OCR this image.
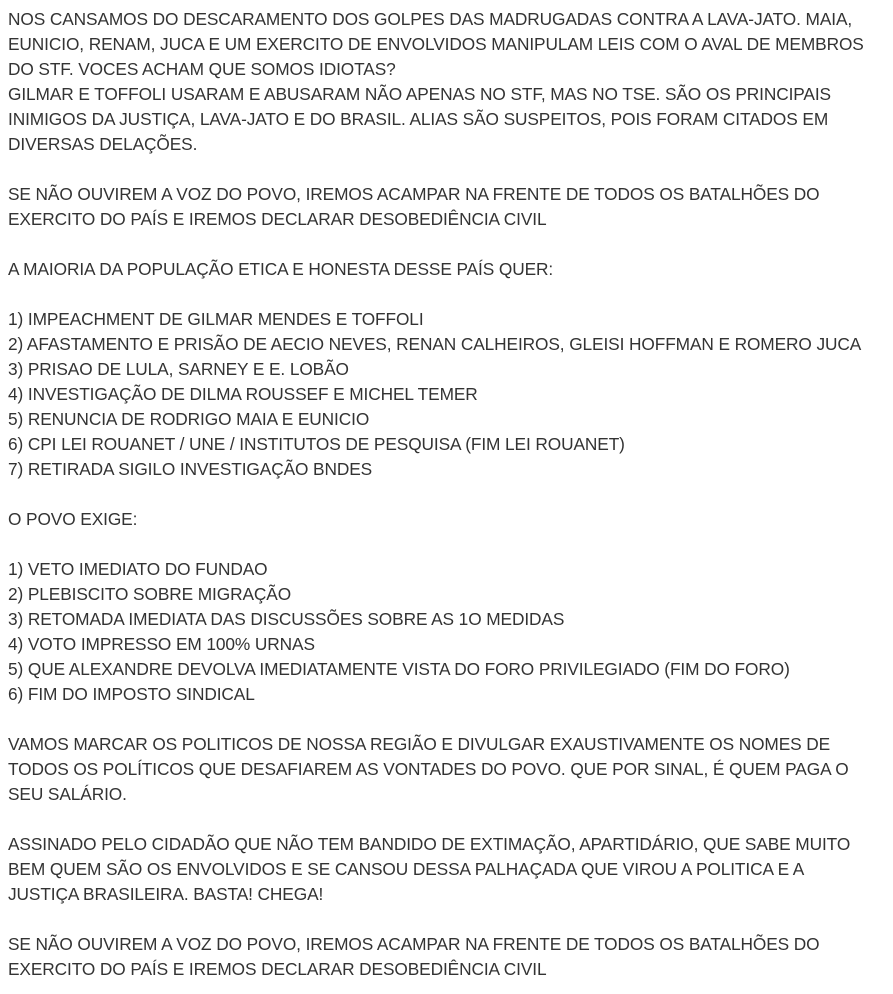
NOS CANSAMOS DO DESCARAMENTO DOS GOLPES DAS MADRUGADAS CONTRA A LAVA-JATO. MAIA,
EUNICIO, RENAM, JUCA E UM EXERCITO DE ENVOLVIDOS MANIPULAM LEIS COM O AVAL DE MEMBROS
DO STF. VOCES ACHAM QUE SOMOS IDIOTAS?
GILMAR E TOFFOLI USARAM E ABUSARAM NÃO APENAS NO STF, MAS NO TSE. SÃO OS PRINCIPAIS
INIMIGOS DA JUSTIÇA, LAVA-JATO E DO BRASIL. ALIAS SÃO SUSPEITOS, POIS FORAM CITADOS EM
DIVERSAS DELAÇÕES.
SE NÃO OUVIREM A VOZ DO POVO, IREMOS ACAMPAR NA FRENTE DE TODOS OS BATALHÕES DO
EXERCITO DO PAÍS E IREMOS DECLARAR DESOBEDIÊNCIA CIVIL
A MAIORIA DA POPULAÇÃO ETICA E HONESTA DESSE PAÍS QUER:
1) IMPEACHMENT DE GILMAR MENDES E TOFFOLI
2) AFASTAMENTO E PRISÃO DE AECIO NEVES, RENAN CALHEIROS, GLEISI HOFFMAN E ROMERO JUCA
3) PRISAO DE LULA, SARNEY E E. LOBÃO
4) INVESTIGAÇÃO DE DILMA ROUSSEF E MICHEL TEMER
5) RENUNCIA DE RODRIGO MAIA E EUNICIO
6) CPI LEI ROUANET / UNE / INSTITUTOS DE PESQUISA (FIM LEI ROUANET)
7) RETIRADA SIGILO INVESTIGAÇÃO BNDES
O POVO EXIGE:
1) VETO IMEDIATO DO FUNDAO
2) PLEBISCITO SOBRE MIGRAÇÃO
3) RETOMADA IMEDIATA DAS DISCUSSÕES SOBRE AS 1O MEDIDAS
4) VOTO IMPRESSO EM 100% URNAS
5) QUE ALEXANDRE DEVOLVA IMEDIATAMENTE VISTA DO FORO PRIVILEGIADO (FIM DO FORO)
6) FIM DO IMPOSTO SINDICAL
VAMOS MARCAR OS POLITICOS DE NOSSA REGIÃO E DIVULGAR EXAUSTIVAMENTE OS NOMES DE
TODOS OS POLÍTICOS QUE DESAFIAREM AS VONTADES DO POVO. QUE POR SINAL, É QUEM PAGA O
SEU SALÁRIO.
ASSINADO PELO CIDADÃO QUE NÃO TEM BANDIDO DE EXTIMAÇÃO, APARTIDÁRIO, QUE SABE MUITO
BEM QUEM SÃO OS ENVOLVIDOS E SE CANSOU DESSA PALHAÇADA QUE VIROU A POLITICA E A
JUSTIÇA BRASILEIRA. BASTA! CHEGA!
SE NÃO OUVIREM A VOZ DO POVO, IREMOS ACAMPAR NA FRENTE DE TODOS OS BATALHÕES DO
EXERCITO DO PAÍS E IREMOS DECLARAR DESOBEDIÊNCIA CIVIL
